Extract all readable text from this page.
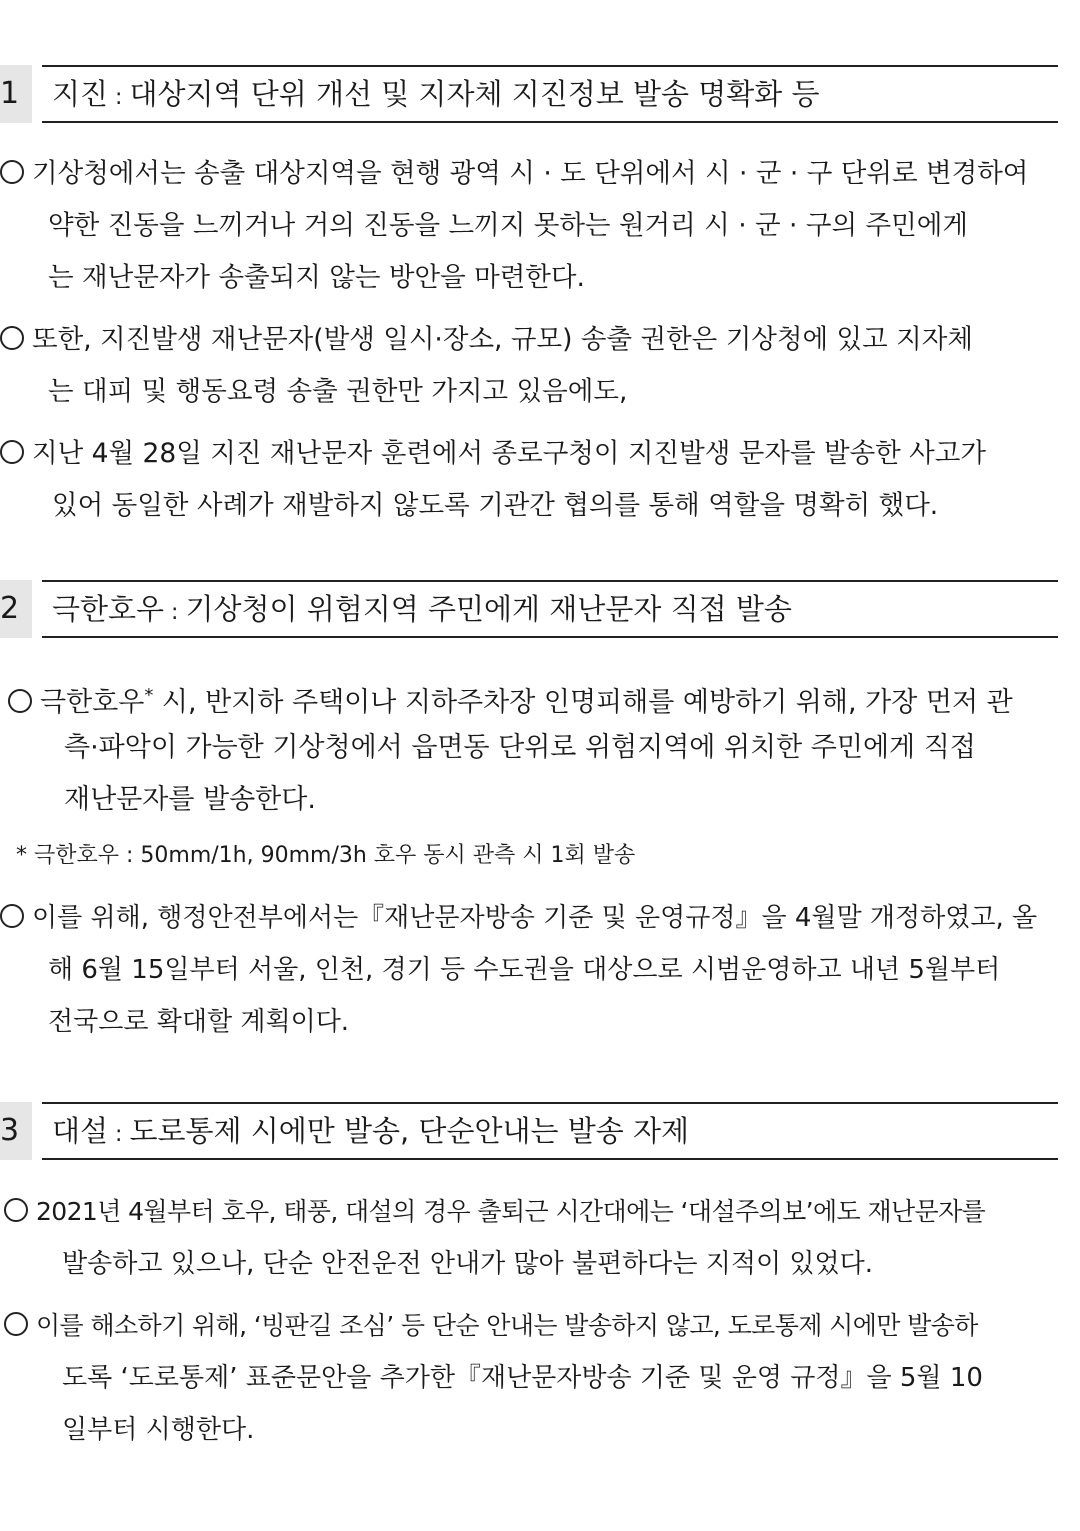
1	지진 : 대상지역 단위 개선 및 지자체 지진정보 발송 명확화 등
기상청에서는 송출 대상지역을 현행 광역 시 · 도 단위에서 시 · 군 · 구 단위로 변경하여
약한 진동을 느끼거나 거의 진동을 느끼지 못하는 원거리 시 · 군 · 구의 주민에게
는 재난문자가 송출되지 않는 방안을 마련한다.
또한, 지진발생 재난문자(발생 일시·장소, 규모) 송출 권한은 기상청에 있고 지자체
는 대피 및 행동요령 송출 권한만 가지고 있음에도,
지난 4월 28일 지진 재난문자 훈련에서 종로구청이 지진발생 문자를 발송한 사고가
있어 동일한 사례가 재발하지 않도록 기관간 협의를 통해 역할을 명확히 했다.
2	극한호우 : 기상청이 위험지역 주민에게 재난문자 직접 발송
극한호우* 시, 반지하 주택이나 지하주차장 인명피해를 예방하기 위해, 가장 먼저 관
측·파악이 가능한 기상청에서 읍면동 단위로 위험지역에 위치한 주민에게 직접
재난문자를 발송한다.
* 극한호우 : 50mm/1h, 90mm/3h 호우 동시 관측 시 1회 발송
이를 위해, 행정안전부에서는『재난문자방송 기준 및 운영규정』을 4월말 개정하였고, 올
해 6월 15일부터 서울, 인천, 경기 등 수도권을 대상으로 시범운영하고 내년 5월부터
전국으로 확대할 계획이다.
3	대설 : 도로통제 시에만 발송, 단순안내는 발송 자제
2021년 4월부터 호우, 태풍, 대설의 경우 출퇴근 시간대에는 ‘대설주의보’에도 재난문자를
발송하고 있으나, 단순 안전운전 안내가 많아 불편하다는 지적이 있었다.
이를 해소하기 위해, ‘빙판길 조심’ 등 단순 안내는 발송하지 않고, 도로통제 시에만 발송하
도록 ‘도로통제’ 표준문안을 추가한『재난문자방송 기준 및 운영 규정』을 5월 10
일부터 시행한다.
